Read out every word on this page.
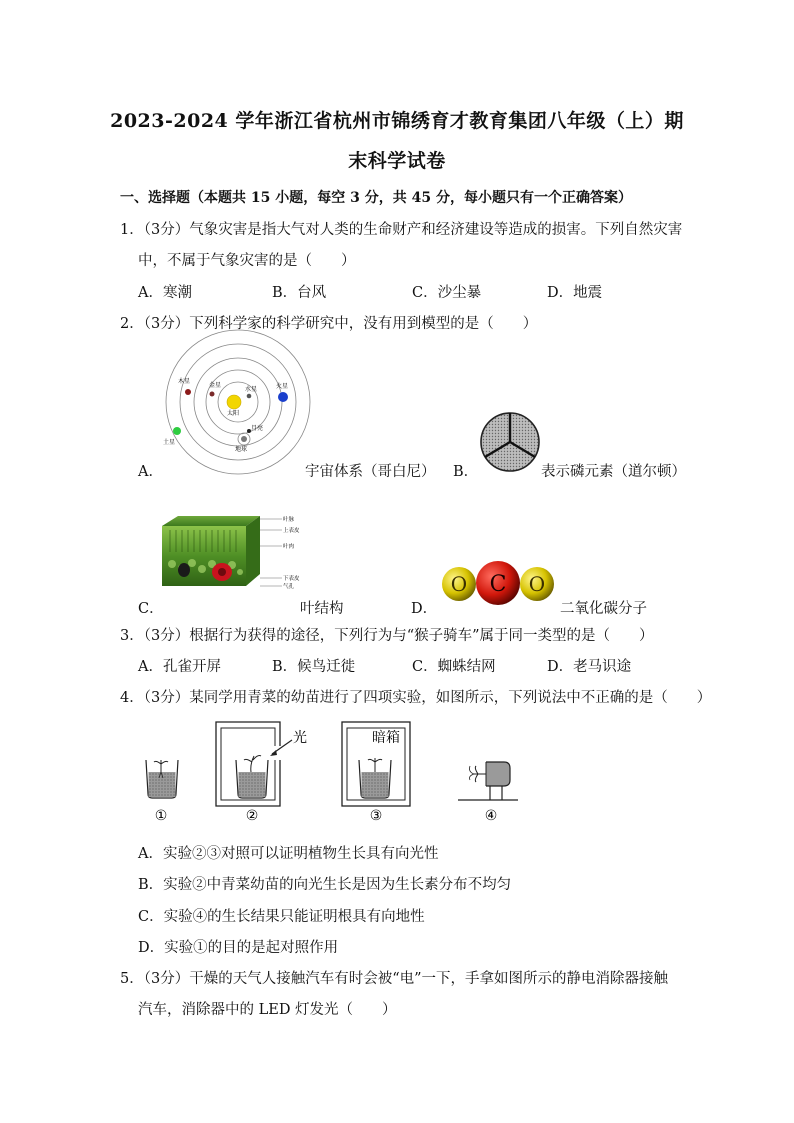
2023-2024 学年浙江省杭州市锦绣育才教育集团八年级（上）期
末科学试卷
一、选择题（本题共 15 小题，每空 3 分，共 45 分，每小题只有一个正确答案）
1．（3分）气象灾害是指大气对人类的生命财产和经济建设等造成的损害。下列自然灾害
中，不属于气象灾害的是（　　）
A．寒潮	B．台风	C．沙尘暴	D．地震
2．（3分）下列科学家的科学研究中，没有用到模型的是（　　）
木星
金星
水星	火星
太阳
月亮
地球
土星
A．	宇宙体系（哥白尼） B．	表示磷元素（道尔顿）
叶脉
上表皮
叶肉
下表皮
气孔
C．	叶结构
O C O
D．	二氧化碳分子
3．（3分）根据行为获得的途径，下列行为与“猴子骑车”属于同一类型的是（　　）
A．孔雀开屏	B．候鸟迁徙	C．蜘蛛结网	D．老马识途
4．（3分）某同学用青菜的幼苗进行了四项实验，如图所示，下列说法中不正确的是（　　）
光	暗箱
①	②	③	④
A．实验②③对照可以证明植物生长具有向光性
B．实验②中青菜幼苗的向光生长是因为生长素分布不均匀
C．实验④的生长结果只能证明根具有向地性
D．实验①的目的是起对照作用
5．（3分）干燥的天气人接触汽车有时会被“电”一下，手拿如图所示的静电消除器接触
汽车，消除器中的 LED 灯发光（　　）
